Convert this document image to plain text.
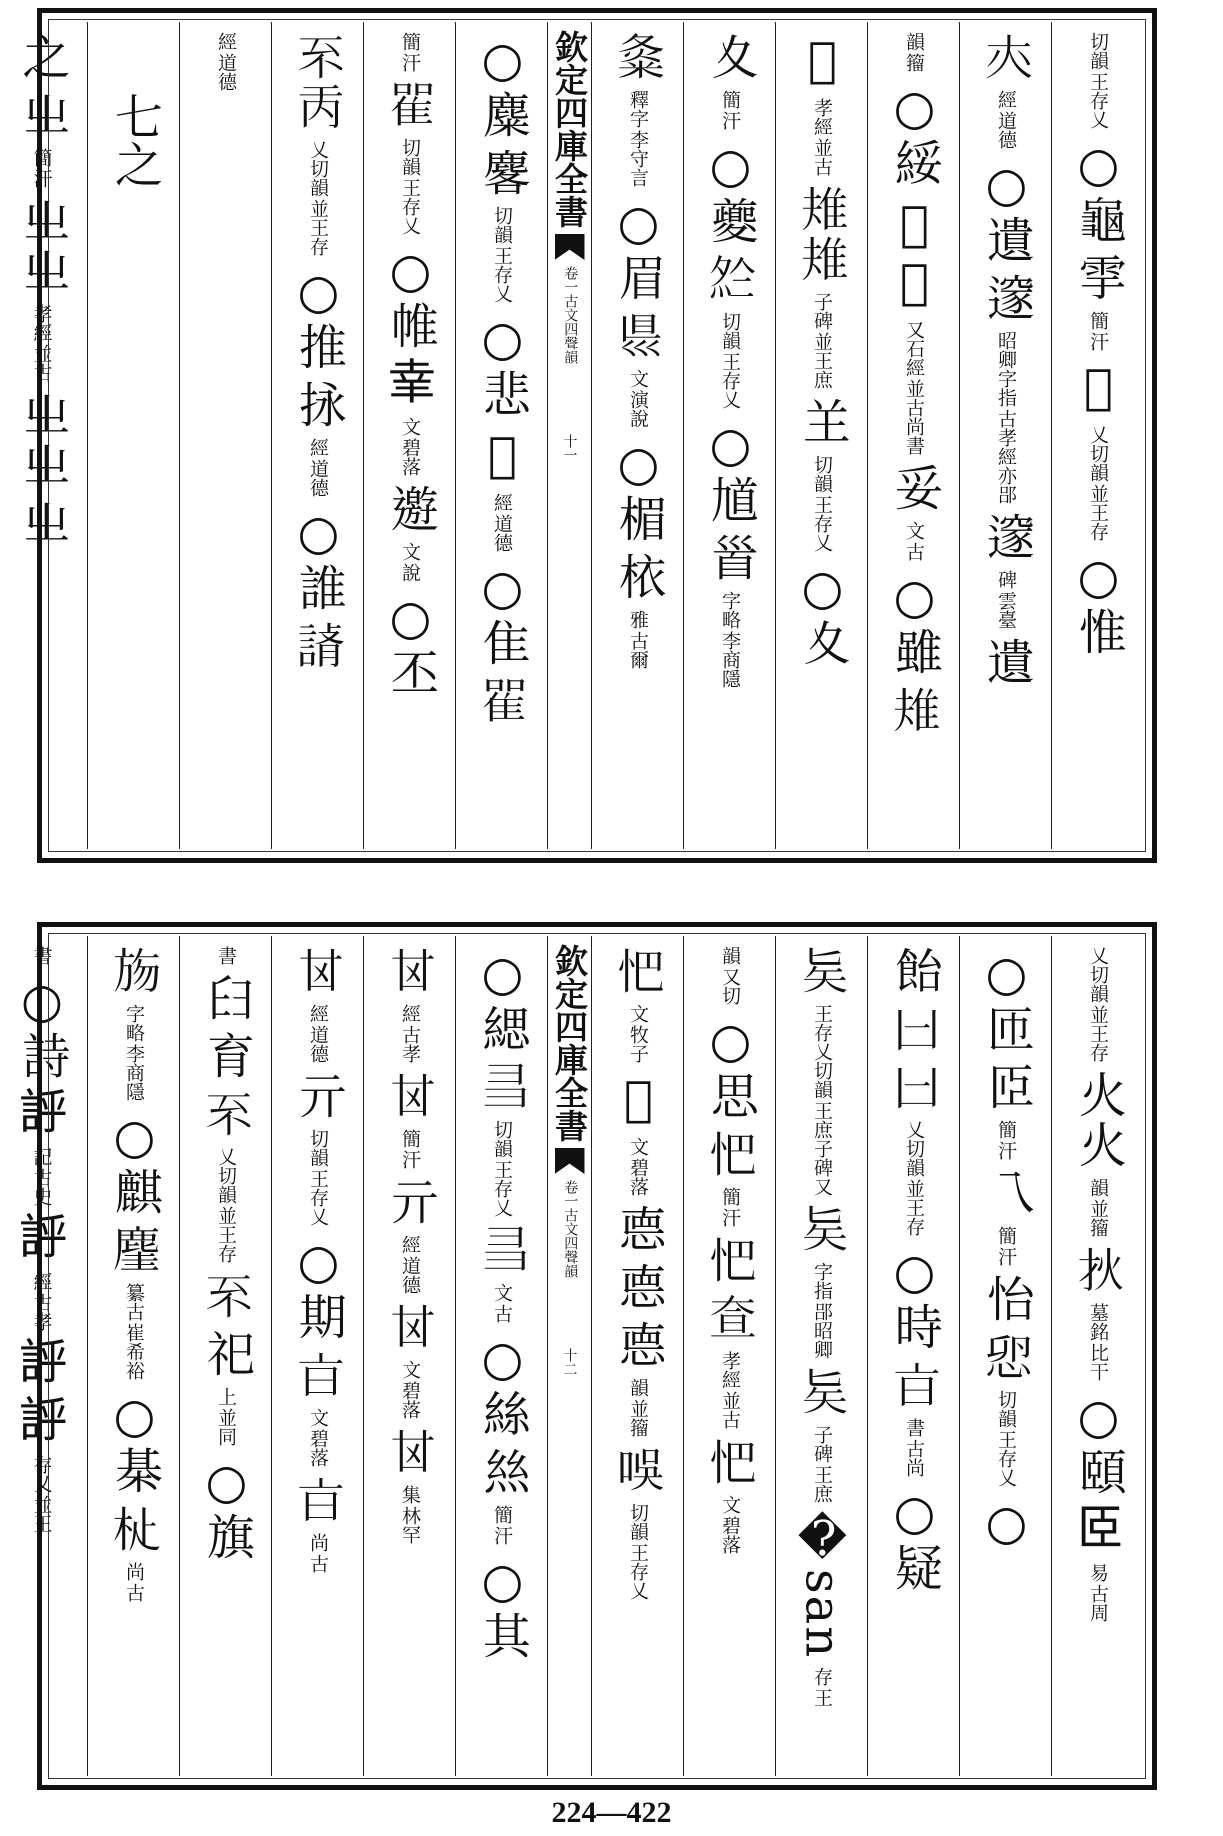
王存乂
切韻
○龜
𩁹
汗
簡
𤕨
並王存
乂切韻
○惟
𡗕
道德
經
○遺
𨗉
古孝經亦郘
昭卿字指
𨗉
雲臺
碑
遺
籀
韻
○綏
𦄈𦄉
並古尚書
又石經
妥
古
文
○雖
𨾚
𡕊
並古
孝經
𨾚𨾚
並王庶
子碑
𦍌
王存乂
切韻
○夊
夊
汗
簡
○夔
𡖗
王存乂
切韻
○馗
𩠐
李商隱
字略
𡕝
李守言
釋字
○眉
𥄉
演說
文
○楣
𣐿
古爾
雅
欽定四庫全書
卷一
古文四聲韻
十一
○麋
𪊲
王存乂
切韻
○悲
𢘰
道德
經
○隹
𨾴
汗
簡
𨾴
王存乂
切韻
○帷
𦍒
碧落
文
𨘋
說
文
○丕
𠀚𠀛
並王存
乂切韻
○推
𢫕
道德
經
○誰
𧨪
道德
經
七之
之
㞢
汗
簡
㞢㞢
並古
孝經
㞢㞢
㞢
並王存
乂切韻
火火
並籀
韻
𤆎
比干
墓銘
○頤
𦣞
古周
易
○匝
𦣝
汗
簡
乁
汗
簡
怡
𢘴
王存乂
切韻
○
飴
𠙵
𠙵
並王存
乂切韻
○時
𣅀
古尚
書
○疑
𠤕
王庶子碑又
王存乂切韻
𠤕
郘昭卿
字指
𠤕
王庶
子碑
�san
王
存
又切
韻
○思
𢗌
汗
簡
𢗌
𡘍
並古
孝經
𢗌
碧落
文
𢗌
牧子
文
𤰔
碧落
文
㥁
㥁
㥁
並籀
韻
𠱐
王存乂
切韻
欽定四庫全書
卷一
古文四聲韻
十二
○緦
𢑑
王存乂
切韻
𢑑
古
文
○絲
𢇁
汗
簡
○其
𠀠
古孝
經
𠀠
汗
簡
亓
道德
經
𠀠
碧落
文
𠀠
林罕
集
𠀠
道德
經
亓
王存乂
切韻
○期
𣅀
碧落
文
𣅀
古
尚
書
𦥑
育
𠀚
並王存
乂切韻
𠀚
祀
並同
上
○旗
𣃦
李商隱
字略
○麒
𪊧
崔希裕
纂古
○棊
𣏡
古
尚
書
○詩
𧦝
古史
記
𧦝
古孝
經
𧦝
𧦝
並王
存乂
224—422
